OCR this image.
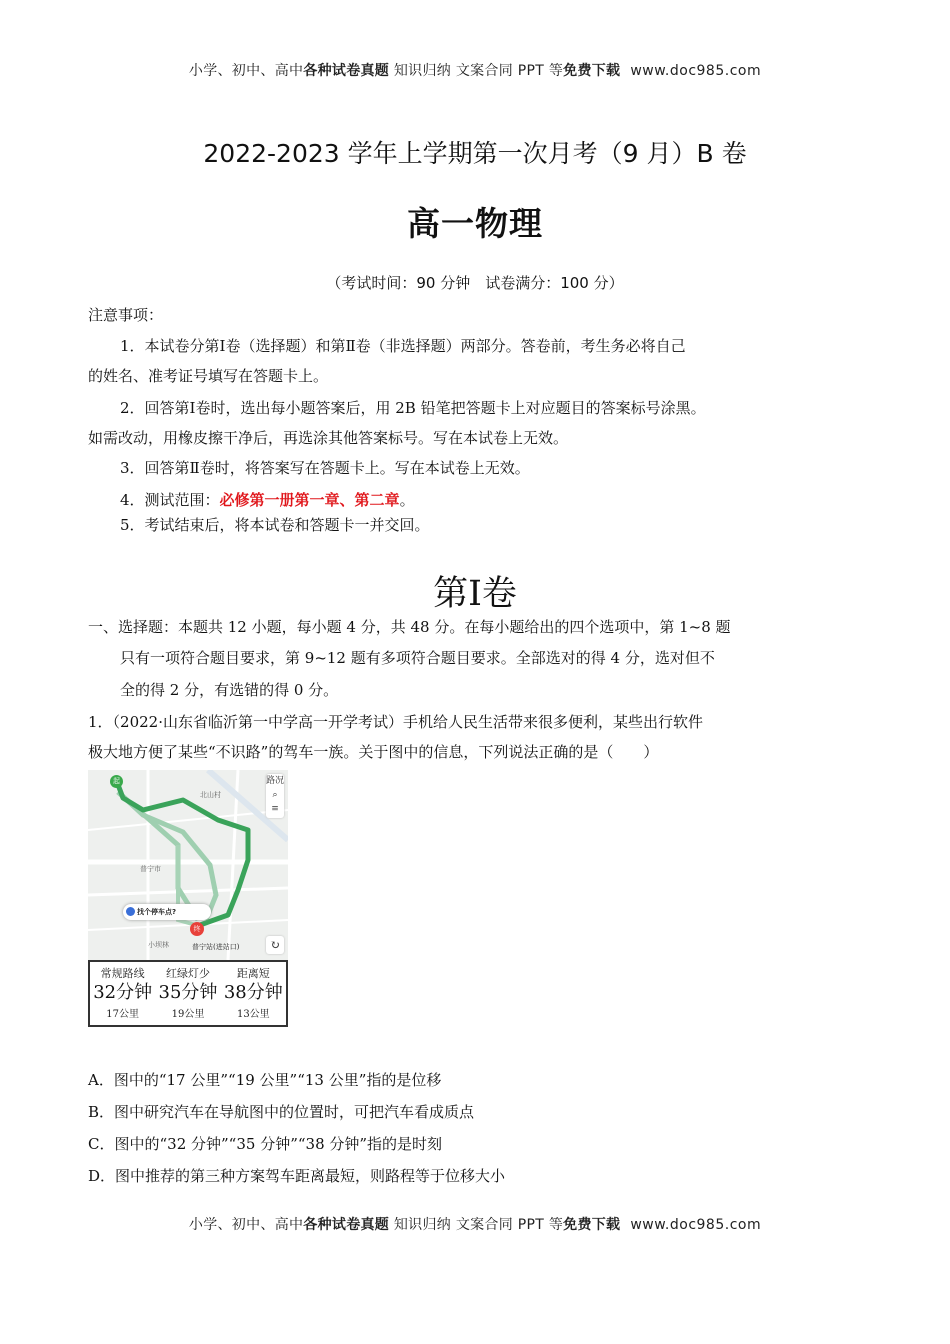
小学、初中、高中各种试卷真题 知识归纳 文案合同 PPT 等免费下载 www.doc985.com
2022-2023 学年上学期第一次月考（9 月）B 卷
高一物理
（考试时间：90 分钟　试卷满分：100 分）
注意事项：
1．本试卷分第Ⅰ卷（选择题）和第Ⅱ卷（非选择题）两部分。答卷前，考生务必将自己
的姓名、准考证号填写在答题卡上。
2．回答第Ⅰ卷时，选出每小题答案后，用 2B 铅笔把答题卡上对应题目的答案标号涂黑。
如需改动，用橡皮擦干净后，再选涂其他答案标号。写在本试卷上无效。
3．回答第Ⅱ卷时，将答案写在答题卡上。写在本试卷上无效。
4．测试范围：必修第一册第一章、第二章。
5．考试结束后，将本试卷和答题卡一并交回。
第Ⅰ卷
一、选择题：本题共 12 小题，每小题 4 分，共 48 分。在每小题给出的四个选项中，第 1~8 题
只有一项符合题目要求，第 9~12 题有多项符合题目要求。全部选对的得 4 分，选对但不
全的得 2 分，有选错的得 0 分。
1．（2022·山东省临沂第一中学高一开学考试）手机给人民生活带来很多便利，某些出行软件
极大地方便了某些“不识路”的驾车一族。关于图中的信息，下列说法正确的是（　　）
北山村
普宁市
小坝林	普宁站(进站口)
起
终
路况
⌕
≡
找个停车点?
↻
常规路线
32分钟
17公里
红绿灯少
35分钟
19公里
距离短
38分钟
13公里
A．图中的“17 公里”“19 公里”“13 公里”指的是位移
B．图中研究汽车在导航图中的位置时，可把汽车看成质点
C．图中的“32 分钟”“35 分钟”“38 分钟”指的是时刻
D．图中推荐的第三种方案驾车距离最短，则路程等于位移大小
小学、初中、高中各种试卷真题 知识归纳 文案合同 PPT 等免费下载 www.doc985.com
